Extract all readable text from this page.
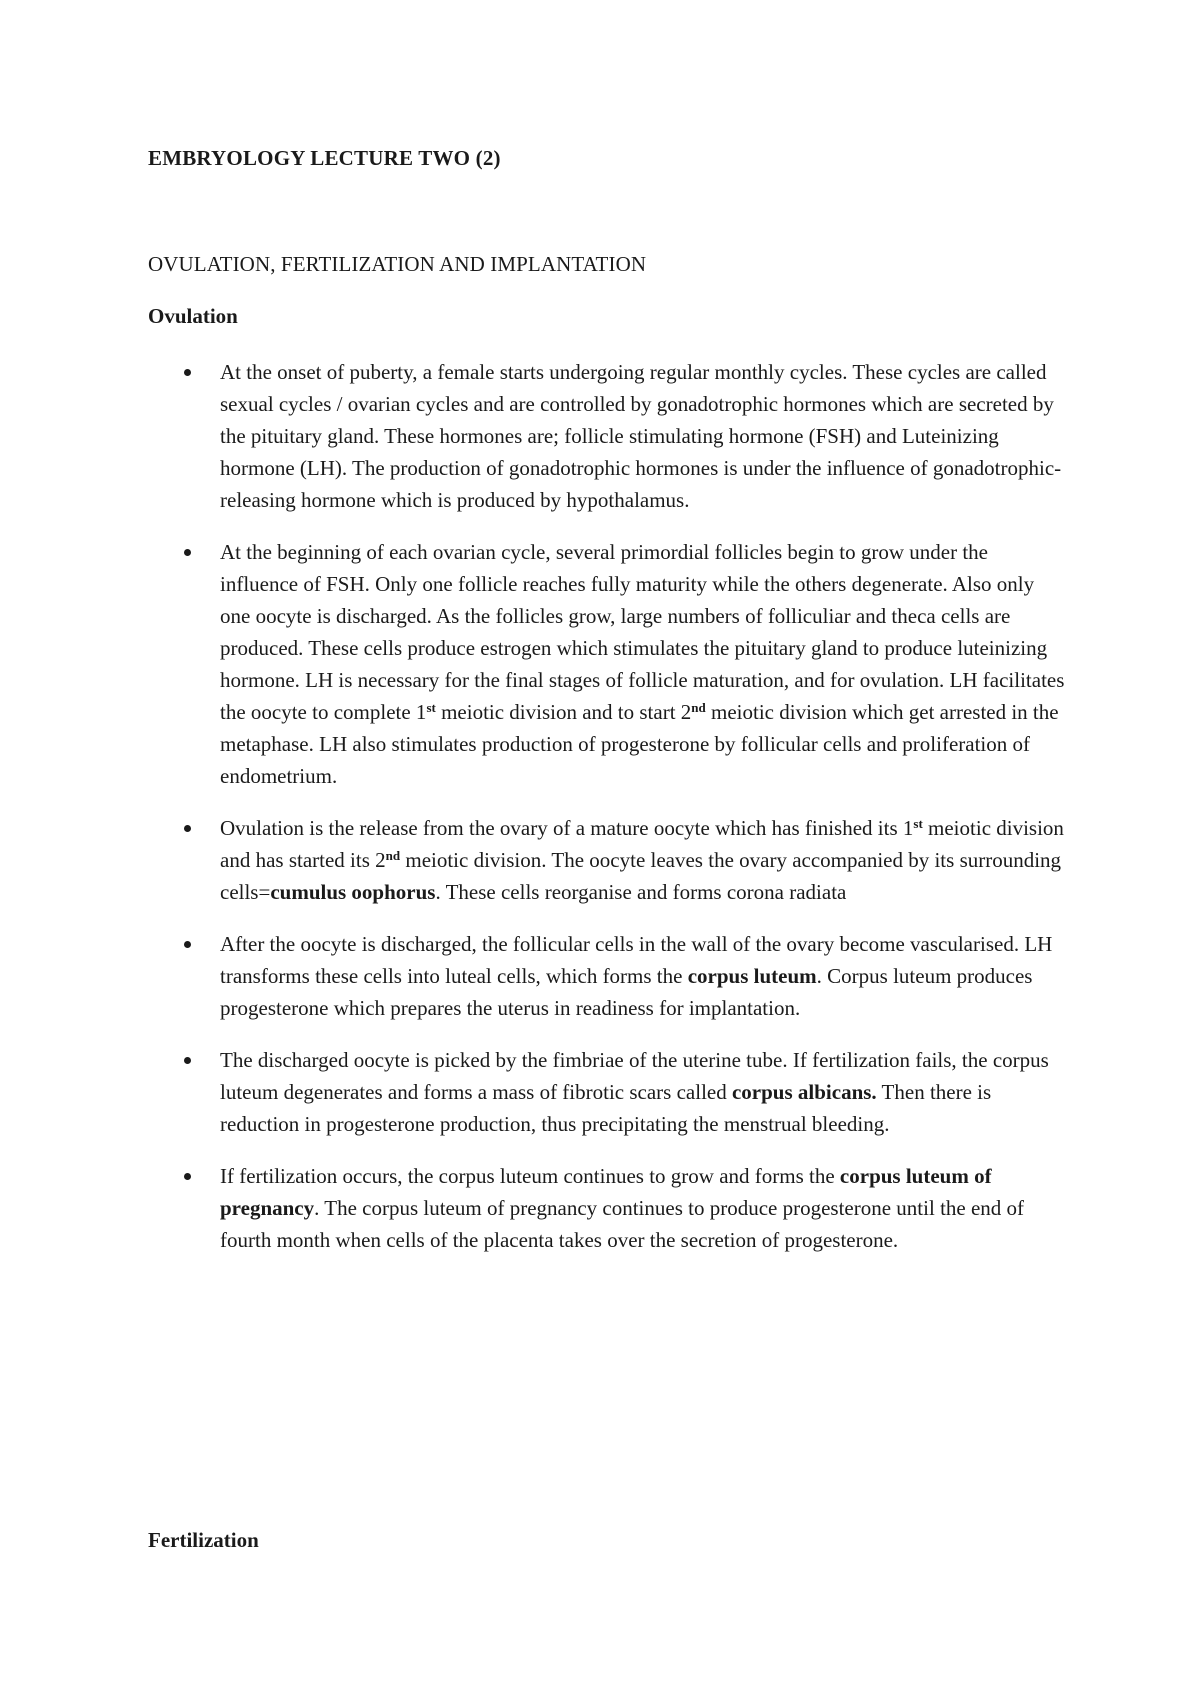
EMBRYOLOGY LECTURE TWO (2)
OVULATION, FERTILIZATION AND IMPLANTATION
Ovulation
At the onset of puberty, a female starts undergoing regular monthly cycles. These cycles are called sexual cycles / ovarian cycles and are controlled by gonadotrophic hormones which are secreted by the pituitary gland. These hormones are; follicle stimulating hormone (FSH) and Luteinizing hormone (LH). The production of gonadotrophic hormones is under the influence of gonadotrophic-releasing hormone which is produced by hypothalamus.
At the beginning of each ovarian cycle, several primordial follicles begin to grow under the influence of FSH. Only one follicle reaches fully maturity while the others degenerate. Also only one oocyte is discharged. As the follicles grow, large numbers of folliculiar and theca cells are produced. These cells produce estrogen which stimulates the pituitary gland to produce luteinizing hormone. LH is necessary for the final stages of follicle maturation, and for ovulation. LH facilitates the oocyte to complete 1st meiotic division and to start 2nd meiotic division which get arrested in the metaphase. LH also stimulates production of progesterone by follicular cells and proliferation of endometrium.
Ovulation is the release from the ovary of a mature oocyte which has finished its 1st meiotic division and has started its 2nd meiotic division. The oocyte leaves the ovary accompanied by its surrounding cells=cumulus oophorus. These cells reorganise and forms corona radiata
After the oocyte is discharged, the follicular cells in the wall of the ovary become vascularised. LH transforms these cells into luteal cells, which forms the corpus luteum. Corpus luteum produces progesterone which prepares the uterus in readiness for implantation.
The discharged oocyte is picked by the fimbriae of the uterine tube. If fertilization fails, the corpus luteum degenerates and forms a mass of fibrotic scars called corpus albicans. Then there is reduction in progesterone production, thus precipitating the menstrual bleeding.
If fertilization occurs, the corpus luteum continues to grow and forms the corpus luteum of pregnancy. The corpus luteum of pregnancy continues to produce progesterone until the end of fourth month when cells of the placenta takes over the secretion of progesterone.
Fertilization
